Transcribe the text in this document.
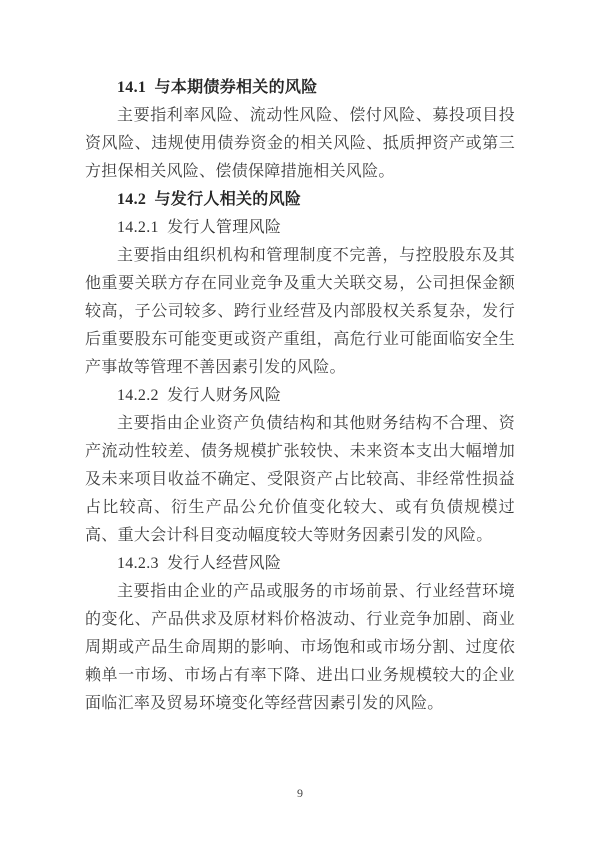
14.1 与本期债券相关的风险

主要指利率风险、流动性风险、偿付风险、募投项目投资风险、违规使用债券资金的相关风险、抵质押资产或第三方担保相关风险、偿债保障措施相关风险。

14.2 与发行人相关的风险
14.2.1 发行人管理风险

主要指由组织机构和管理制度不完善，与控股股东及其他重要关联方存在同业竞争及重大关联交易，公司担保金额较高，子公司较多、跨行业经营及内部股权关系复杂，发行后重要股东可能变更或资产重组，高危行业可能面临安全生产事故等管理不善因素引发的风险。

14.2.2 发行人财务风险

主要指由企业资产负债结构和其他财务结构不合理、资产流动性较差、债务规模扩张较快、未来资本支出大幅增加及未来项目收益不确定、受限资产占比较高、非经常性损益占比较高、衍生产品公允价值变化较大、或有负债规模过高、重大会计科目变动幅度较大等财务因素引发的风险。

14.2.3 发行人经营风险

主要指由企业的产品或服务的市场前景、行业经营环境的变化、产品供求及原材料价格波动、行业竞争加剧、商业周期或产品生命周期的影响、市场饱和或市场分割、过度依赖单一市场、市场占有率下降、进出口业务规模较大的企业面临汇率及贸易环境变化等经营因素引发的风险。

9
